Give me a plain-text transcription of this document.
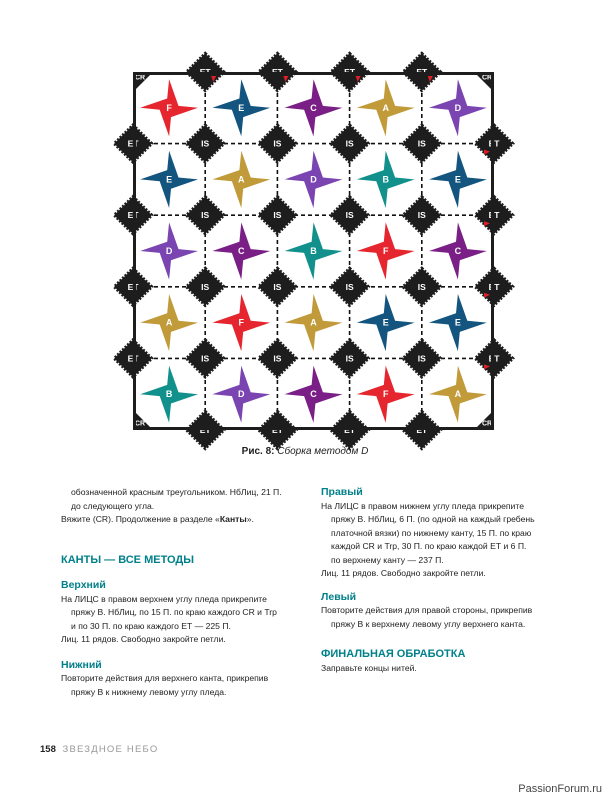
F	E	C	A	D
E	A	D	B	E
D	C	B	F	C
A	F	A	E	E
B	D	C	F	A
IS	IS	IS	IS
IS	IS	IS	IS
IS	IS	IS	IS
IS	IS	IS	IS
ET
ET
ET	ET
ET
ET
ET	ET
ET
ET
ET	ET
ET
ET
ET	ET
CR	CR
CR	CR
Рис. 8: Сборка методом D

обозначенной красным треугольником. НбЛиц, 21 П.

до следующего угла.

Вяжите (CR). Продолжение в разделе «Канты».

КАНТЫ — ВСЕ МЕТОДЫ
Верхний

На ЛИЦС в правом верхнем углу пледа прикрепите

пряжу В. НбЛиц, по 15 П. по краю каждого CR и Trp

и по 30 П. по краю каждого ЕТ — 225 П.

Лиц. 11 рядов. Свободно закройте петли.

Нижний

Повторите действия для верхнего канта, прикрепив

пряжу В к нижнему левому углу пледа.

Правый

На ЛИЦС в правом нижнем углу пледа прикрепите

пряжу В. НбЛиц, 6 П. (по одной на каждый гребень

платочной вязки) по нижнему канту, 15 П. по краю

каждой CR и Trp, 30 П. по краю каждой ЕТ и 6 П.

по верхнему канту — 237 П.

Лиц. 11 рядов. Свободно закройте петли.

Левый

Повторите действия для правой стороны, прикрепив

пряжу В к верхнему левому углу верхнего канта.

ФИНАЛЬНАЯ ОБРАБОТКА

Заправьте концы нитей.

158 ЗВЕЗДНОЕ НЕБО
PassionForum.ru
